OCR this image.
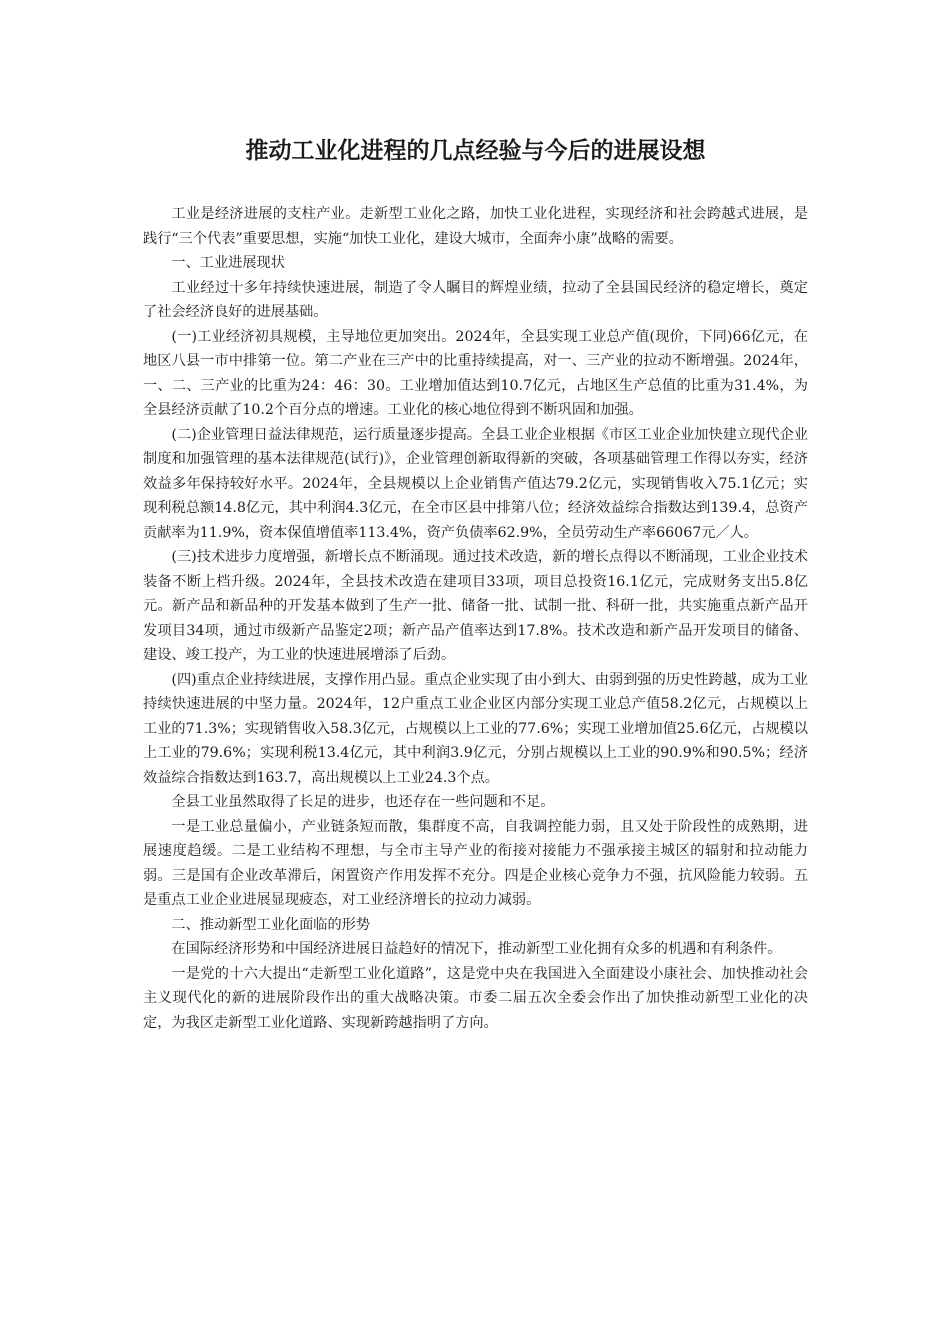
推动工业化进程的几点经验与今后的进展设想

工业是经济进展的支柱产业。走新型工业化之路，加快工业化进程，实现经济和社会跨越式进展，是践行“三个代表”重要思想，实施“加快工业化，建设大城市，全面奔小康”战略的需要。

一、工业进展现状

工业经过十多年持续快速进展，制造了令人瞩目的辉煌业绩，拉动了全县国民经济的稳定增长，奠定了社会经济良好的进展基础。

(一)工业经济初具规模，主导地位更加突出。2024年，全县实现工业总产值(现价，下同)66亿元，在地区八县一市中排第一位。第二产业在三产中的比重持续提高，对一、三产业的拉动不断增强。2024年，一、二、三产业的比重为24：46：30。工业增加值达到10.7亿元，占地区生产总值的比重为31.4%，为全县经济贡献了10.2个百分点的增速。工业化的核心地位得到不断巩固和加强。

(二)企业管理日益法律规范，运行质量逐步提高。全县工业企业根据《市区工业企业加快建立现代企业制度和加强管理的基本法律规范(试行)》，企业管理创新取得新的突破，各项基础管理工作得以夯实，经济效益多年保持较好水平。2024年，全县规模以上企业销售产值达79.2亿元，实现销售收入75.1亿元；实现利税总额14.8亿元，其中利润4.3亿元，在全市区县中排第八位；经济效益综合指数达到139.4，总资产贡献率为11.9%，资本保值增值率113.4%，资产负债率62.9%，全员劳动生产率66067元／人。

(三)技术进步力度增强，新增长点不断涌现。通过技术改造，新的增长点得以不断涌现，工业企业技术装备不断上档升级。2024年，全县技术改造在建项目33项，项目总投资16.1亿元，完成财务支出5.8亿元。新产品和新品种的开发基本做到了生产一批、储备一批、试制一批、科研一批，共实施重点新产品开发项目34项，通过市级新产品鉴定2项；新产品产值率达到17.8%。技术改造和新产品开发项目的储备、建设、竣工投产，为工业的快速进展增添了后劲。

(四)重点企业持续进展，支撑作用凸显。重点企业实现了由小到大、由弱到强的历史性跨越，成为工业持续快速进展的中坚力量。2024年，12户重点工业企业区内部分实现工业总产值58.2亿元，占规模以上工业的71.3%；实现销售收入58.3亿元，占规模以上工业的77.6%；实现工业增加值25.6亿元，占规模以上工业的79.6%；实现利税13.4亿元，其中利润3.9亿元，分别占规模以上工业的90.9%和90.5%；经济效益综合指数达到163.7，高出规模以上工业24.3个点。

全县工业虽然取得了长足的进步，也还存在一些问题和不足。

一是工业总量偏小，产业链条短而散，集群度不高，自我调控能力弱，且又处于阶段性的成熟期，进展速度趋缓。二是工业结构不理想，与全市主导产业的衔接对接能力不强承接主城区的辐射和拉动能力弱。三是国有企业改革滞后，闲置资产作用发挥不充分。四是企业核心竞争力不强，抗风险能力较弱。五是重点工业企业进展显现疲态，对工业经济增长的拉动力减弱。

二、推动新型工业化面临的形势

在国际经济形势和中国经济进展日益趋好的情况下，推动新型工业化拥有众多的机遇和有利条件。

一是党的十六大提出“走新型工业化道路”，这是党中央在我国进入全面建设小康社会、加快推动社会主义现代化的新的进展阶段作出的重大战略决策。市委二届五次全委会作出了加快推动新型工业化的决定，为我区走新型工业化道路、实现新跨越指明了方向。
